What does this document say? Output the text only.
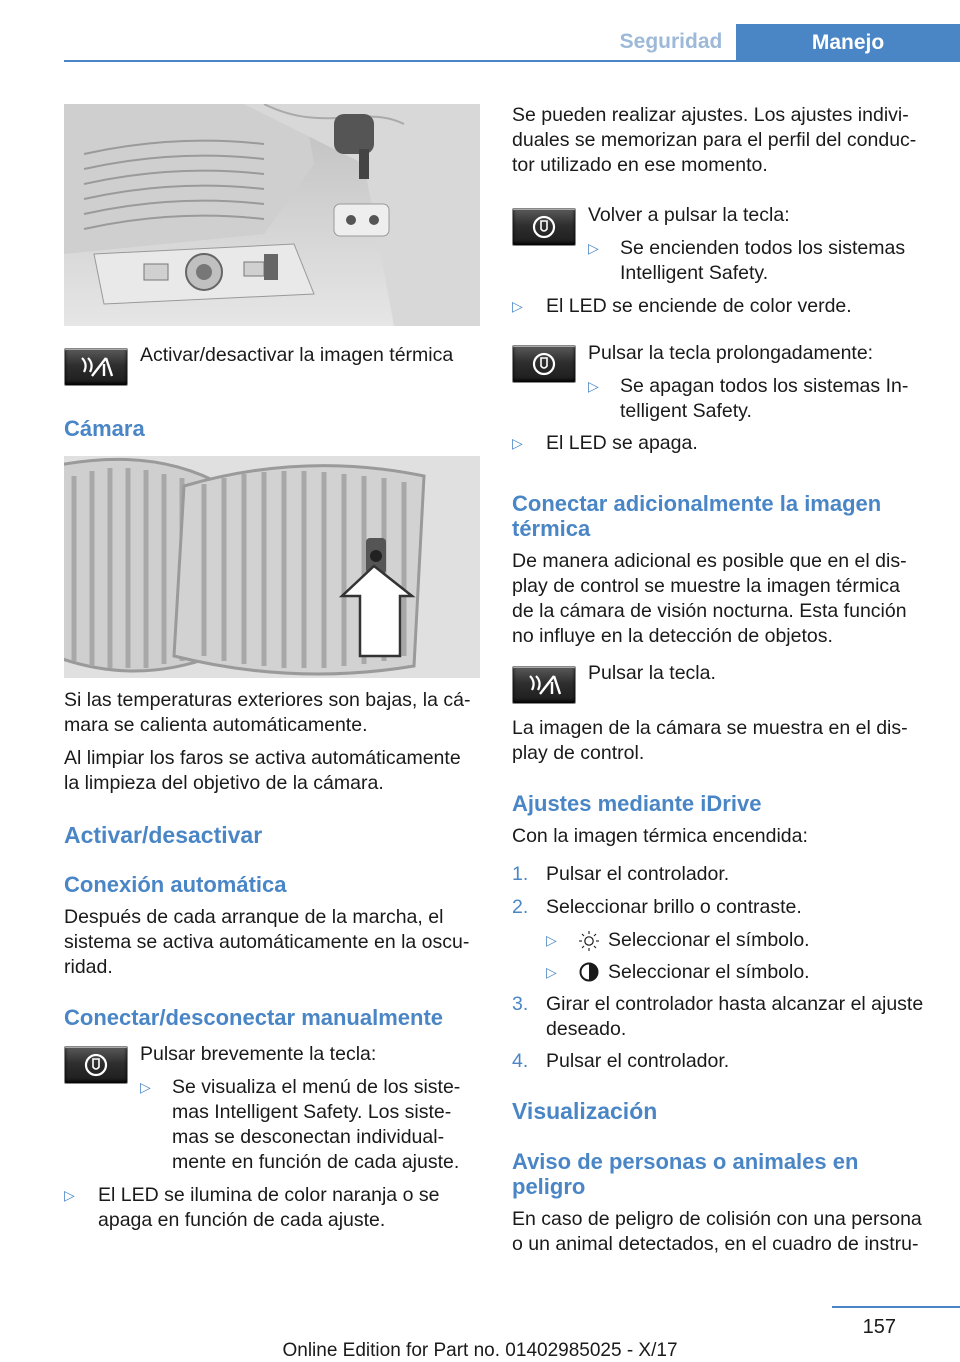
Seguridad	Manejo
Activar/desactivar la imagen térmica
Cámara
Si las temperaturas exteriores son bajas, la cá‐
mara se calienta automáticamente.
Al limpiar los faros se activa automáticamente
la limpieza del objetivo de la cámara.
Activar/desactivar
Conexión automática
Después de cada arranque de la marcha, el
sistema se activa automáticamente en la oscu‐
ridad.
Conectar/desconectar manualmente
Pulsar brevemente la tecla:
▷ Se visualiza el menú de los siste‐
mas Intelligent Safety. Los siste‐
mas se desconectan individual‐
mente en función de cada ajuste.
▷ El LED se ilumina de color naranja o se
apaga en función de cada ajuste.
Se pueden realizar ajustes. Los ajustes indivi‐
duales se memorizan para el perfil del conduc‐
tor utilizado en ese momento.
Volver a pulsar la tecla:
▷ Se encienden todos los sistemas
Intelligent Safety.
▷ El LED se enciende de color verde.
Pulsar la tecla prolongadamente:
▷ Se apagan todos los sistemas In‐
telligent Safety.
▷ El LED se apaga.
Conectar adicionalmente la imagen
térmica
De manera adicional es posible que en el dis‐
play de control se muestre la imagen térmica
de la cámara de visión nocturna. Esta función
no influye en la detección de objetos.
Pulsar la tecla.
La imagen de la cámara se muestra en el dis‐
play de control.
Ajustes mediante iDrive
Con la imagen térmica encendida:
1. Pulsar el controlador.
2. Seleccionar brillo o contraste.
▷	Seleccionar el símbolo.
▷	Seleccionar el símbolo.
3. Girar el controlador hasta alcanzar el ajuste
deseado.
4. Pulsar el controlador.
Visualización
Aviso de personas o animales en
peligro
En caso de peligro de colisión con una persona
o un animal detectados, en el cuadro de instru‐
157
Online Edition for Part no. 01402985025 - X/17
